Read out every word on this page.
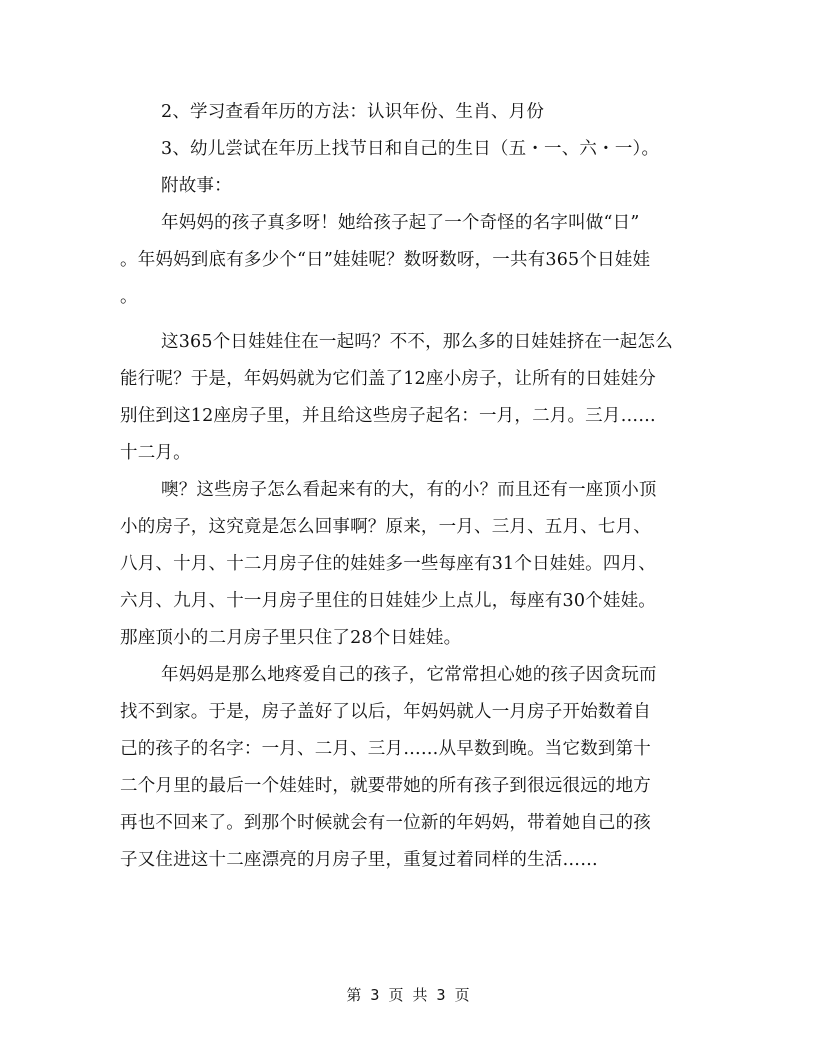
2、学习查看年历的方法：认识年份、生肖、月份
3、幼儿尝试在年历上找节日和自己的生日（五・一、六・一）。
附故事：
年妈妈的孩子真多呀！她给孩子起了一个奇怪的名字叫做“日”
。年妈妈到底有多少个“日”娃娃呢？数呀数呀，一共有365个日娃娃
。
这365个日娃娃住在一起吗？不不，那么多的日娃娃挤在一起怎么
能行呢？于是，年妈妈就为它们盖了12座小房子，让所有的日娃娃分
别住到这12座房子里，并且给这些房子起名：一月，二月。三月……
十二月。
噢？这些房子怎么看起来有的大，有的小？而且还有一座顶小顶
小的房子，这究竟是怎么回事啊？原来，一月、三月、五月、七月、
八月、十月、十二月房子住的娃娃多一些每座有31个日娃娃。四月、
六月、九月、十一月房子里住的日娃娃少上点儿，每座有30个娃娃。
那座顶小的二月房子里只住了28个日娃娃。
年妈妈是那么地疼爱自己的孩子，它常常担心她的孩子因贪玩而
找不到家。于是，房子盖好了以后，年妈妈就人一月房子开始数着自
己的孩子的名字：一月、二月、三月……从早数到晚。当它数到第十
二个月里的最后一个娃娃时，就要带她的所有孩子到很远很远的地方
再也不回来了。到那个时候就会有一位新的年妈妈，带着她自己的孩
子又住进这十二座漂亮的月房子里，重复过着同样的生活……
第 3 页 共 3 页
